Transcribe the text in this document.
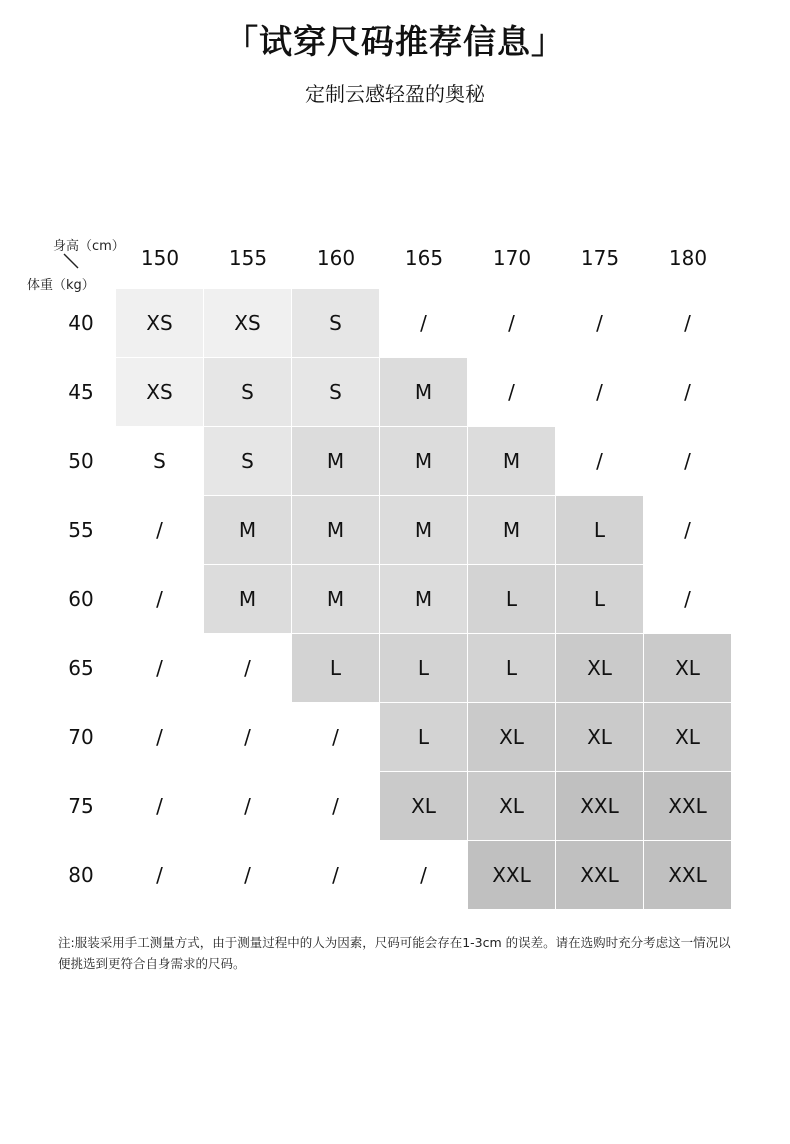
「试穿尺码推荐信息」
定制云感轻盈的奥秘
身高（cm）
体重（kg）
150	155	160	165	170	175	180
40	XS	XS	S	/	/	/	/
45	XS	S	S	M	/	/	/
50	S	S	M	M	M	/	/
55	/	M	M	M	M	L	/
60	/	M	M	M	L	L	/
65	/	/	L	L	L	XL	XL
70	/	/	/	L	XL	XL	XL
75	/	/	/	XL	XL	XXL	XXL
80	/	/	/	/	XXL	XXL	XXL
注:服装采用手工测量方式，由于测量过程中的人为因素，尺码可能会存在1-3cm 的误差。请在选购时充分考虑这一情况以便挑选到更符合自身需求的尺码。
